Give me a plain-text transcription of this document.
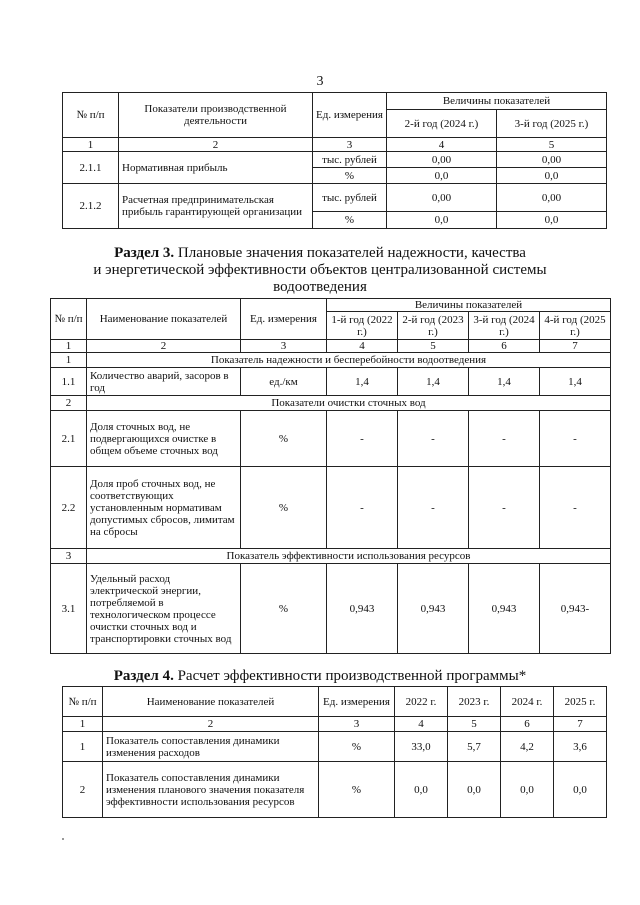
3
№ п/п	Показатели производственной деятельности	Ед. измерения	Величины показателей	
			2-й год (2024 г.)	3-й год (2025 г.)
1	2	3	4	5
2.1.1	Нормативная прибыль	тыс. рублей	0,00	0,00
		%	0,0	0,0
2.1.2	Расчетная предпринимательская прибыль гарантирующей организации	тыс. рублей	0,00	0,00
		%	0,0	0,0
Раздел 3. Плановые значения показателей надежности, качества
и энергетической эффективности объектов централизованной системы
водоотведения
№ п/п	Наименование показателей	Ед. измерения	Величины показателей			
			1-й год (2022 г.)	2-й год (2023 г.)	3-й год (2024 г.)	4-й год (2025 г.)
1	2	3	4	5	6	7
1	Показатель надежности и бесперебойности водоотведения					
1.1	Количество аварий, засоров в год	ед./км	1,4	1,4	1,4	1,4
2	Показатели очистки сточных вод					
2.1	Доля сточных вод, не подвергающихся очистке в общем объеме сточных вод	%	-	-	-	-
2.2	Доля проб сточных вод, не соответствующих установленным нормативам допустимых сбросов, лимитам на сбросы	%	-	-	-	-
3	Показатель эффективности использования ресурсов					
3.1	Удельный расход электрической энергии, потребляемой в технологическом процессе очистки сточных вод и транспортировки сточных вод	%	0,943	0,943	0,943	0,943-
Раздел 4. Расчет эффективности производственной программы*
№ п/п	Наименование показателей	Ед. измерения	2022 г.	2023 г.	2024 г.	2025 г.
1	2	3	4	5	6	7
1	Показатель сопоставления динамики изменения расходов	%	33,0	5,7	4,2	3,6
2	Показатель сопоставления динамики изменения планового значения показателя эффективности использования ресурсов	%	0,0	0,0	0,0	0,0
